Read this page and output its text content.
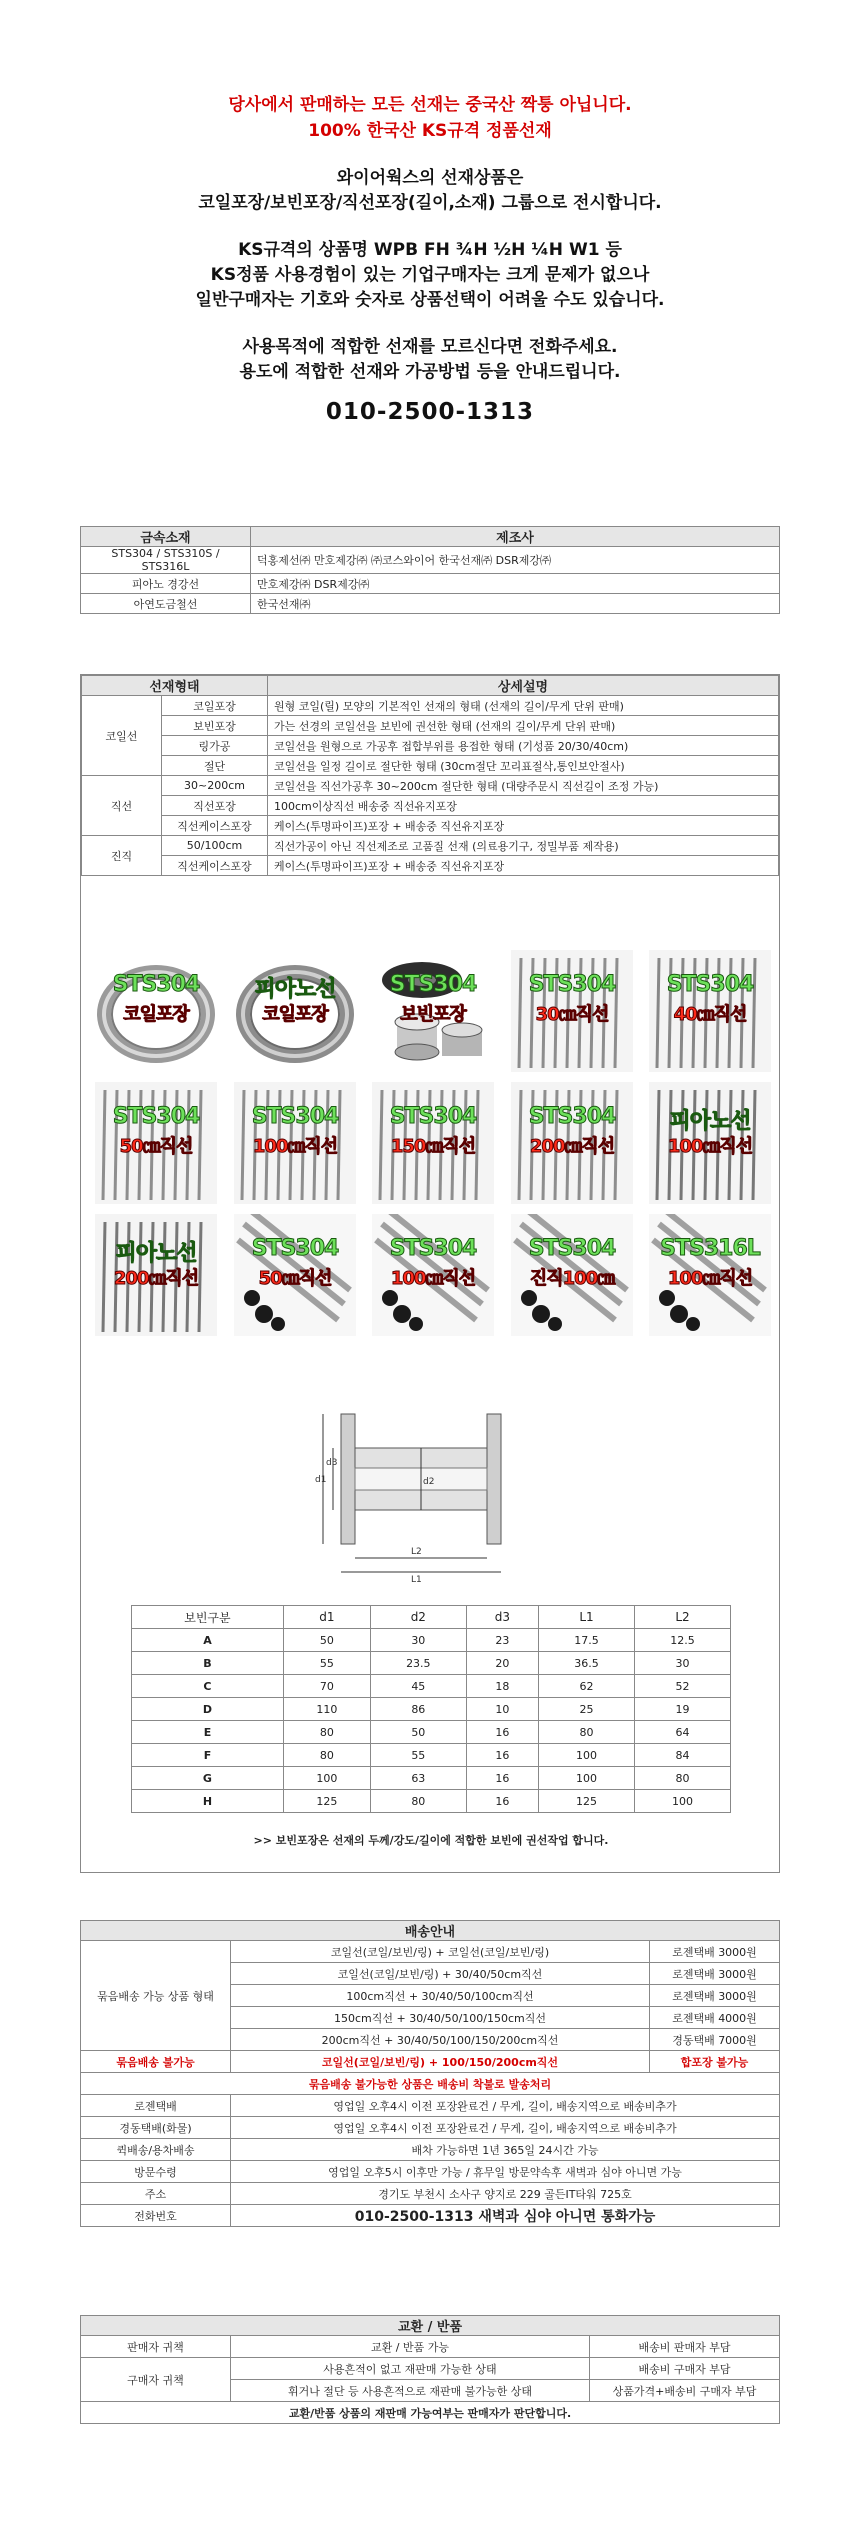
당사에서 판매하는 모든 선재는 중국산 짝퉁 아닙니다.
100% 한국산 KS규격 정품선재
와이어웍스의 선재상품은
코일포장/보빈포장/직선포장(길이,소재) 그룹으로 전시합니다.
KS규격의 상품명 WPB FH ¾H ½H ¼H W1 등
KS정품 사용경험이 있는 기업구매자는 크게 문제가 없으나
일반구매자는 기호와 숫자로 상품선택이 어려울 수도 있습니다.
사용목적에 적합한 선재를 모르신다면 전화주세요.
용도에 적합한 선재와 가공방법 등을 안내드립니다.
010-2500-1313
금속소재	제조사
STS304 / STS310S / STS316L	덕홍제선㈜ 만호제강㈜ ㈜코스와이어 한국선재㈜ DSR제강㈜
피아노 경강선	만호제강㈜ DSR제강㈜
아연도금철선	한국선재㈜
선재형태		상세설명
코일선	코일포장	원형 코일(릴) 모양의 기본적인 선재의 형태 (선재의 길이/무게 단위 판매)
	보빈포장	가는 선경의 코일선을 보빈에 권선한 형태 (선재의 길이/무게 단위 판매)
	링가공	코일선을 원형으로 가공후 접합부위를 용접한 형태 (기성품 20/30/40cm)
	절단	코일선을 일정 길이로 절단한 형태 (30cm절단 꼬리표절삭,통인보안절사)
직선	30~200cm	코일선을 직선가공후 30~200cm 절단한 형태 (대량주문시 직선길이 조정 가능)
	직선포장	100cm이상직선 배송중 직선유지포장
	직선케이스포장	케이스(투명파이프)포장 + 배송중 직선유지포장
진직	50/100cm	직선가공이 아닌 직선제조로 고품질 선재 (의료용기구, 정밀부품 제작용)
	직선케이스포장	케이스(투명파이프)포장 + 배송중 직선유지포장
STS304
코일포장
피아노선
코일포장
STS304
보빈포장
STS304
30㎝직선
STS304
40㎝직선
STS304
50㎝직선
STS304
100㎝직선
STS304
150㎝직선
STS304
200㎝직선
피아노선
100㎝직선
피아노선
200㎝직선
STS304
50㎝직선
STS304
100㎝직선
STS304
진직100㎝
STS316L
100㎝직선
d1
d3
d2
L2
L1
보빈구분	d1	d2	d3	L1	L2
A	50	30	23	17.5	12.5
B	55	23.5	20	36.5	30
C	70	45	18	62	52
D	110	86	10	25	19
E	80	50	16	80	64
F	80	55	16	100	84
G	100	63	16	100	80
H	125	80	16	125	100
>> 보빈포장은 선재의 두께/강도/길이에 적합한 보빈에 권선작업 합니다.
배송안내		
묶음배송 가능 상품 형태	코일선(코일/보빈/링) + 코일선(코일/보빈/링)	로젠택배 3000원
	코일선(코일/보빈/링) + 30/40/50cm직선	로젠택배 3000원
	100cm직선 + 30/40/50/100cm직선	로젠택배 3000원
	150cm직선 + 30/40/50/100/150cm직선	로젠택배 4000원
	200cm직선 + 30/40/50/100/150/200cm직선	경동택배 7000원
묶음배송 불가능	코일선(코일/보빈/링) + 100/150/200cm직선	합포장 불가능
묶음배송 불가능한 상품은 배송비 착불로 발송처리		
로젠택배	영업일 오후4시 이전 포장완료건 / 무게, 길이, 배송지역으로 배송비추가	
경동택배(화물)	영업일 오후4시 이전 포장완료건 / 무게, 길이, 배송지역으로 배송비추가	
퀵배송/용차배송	배차 가능하면 1년 365일 24시간 가능	
방문수령	영업일 오후5시 이후만 가능 / 휴무일 방문약속후 새벽과 심야 아니면 가능	
주소	경기도 부천시 소사구 양지로 229 골든IT타워 725호	
전화번호	010-2500-1313 새벽과 심야 아니면 통화가능	
교환 / 반품		
판매자 귀책	교환 / 반품 가능	배송비 판매자 부담
구매자 귀책	사용흔적이 없고 재판매 가능한 상태	배송비 구매자 부담
	휘거나 절단 등 사용흔적으로 재판매 불가능한 상태	상품가격+배송비 구매자 부담
교환/반품 상품의 재판매 가능여부는 판매자가 판단합니다.		
